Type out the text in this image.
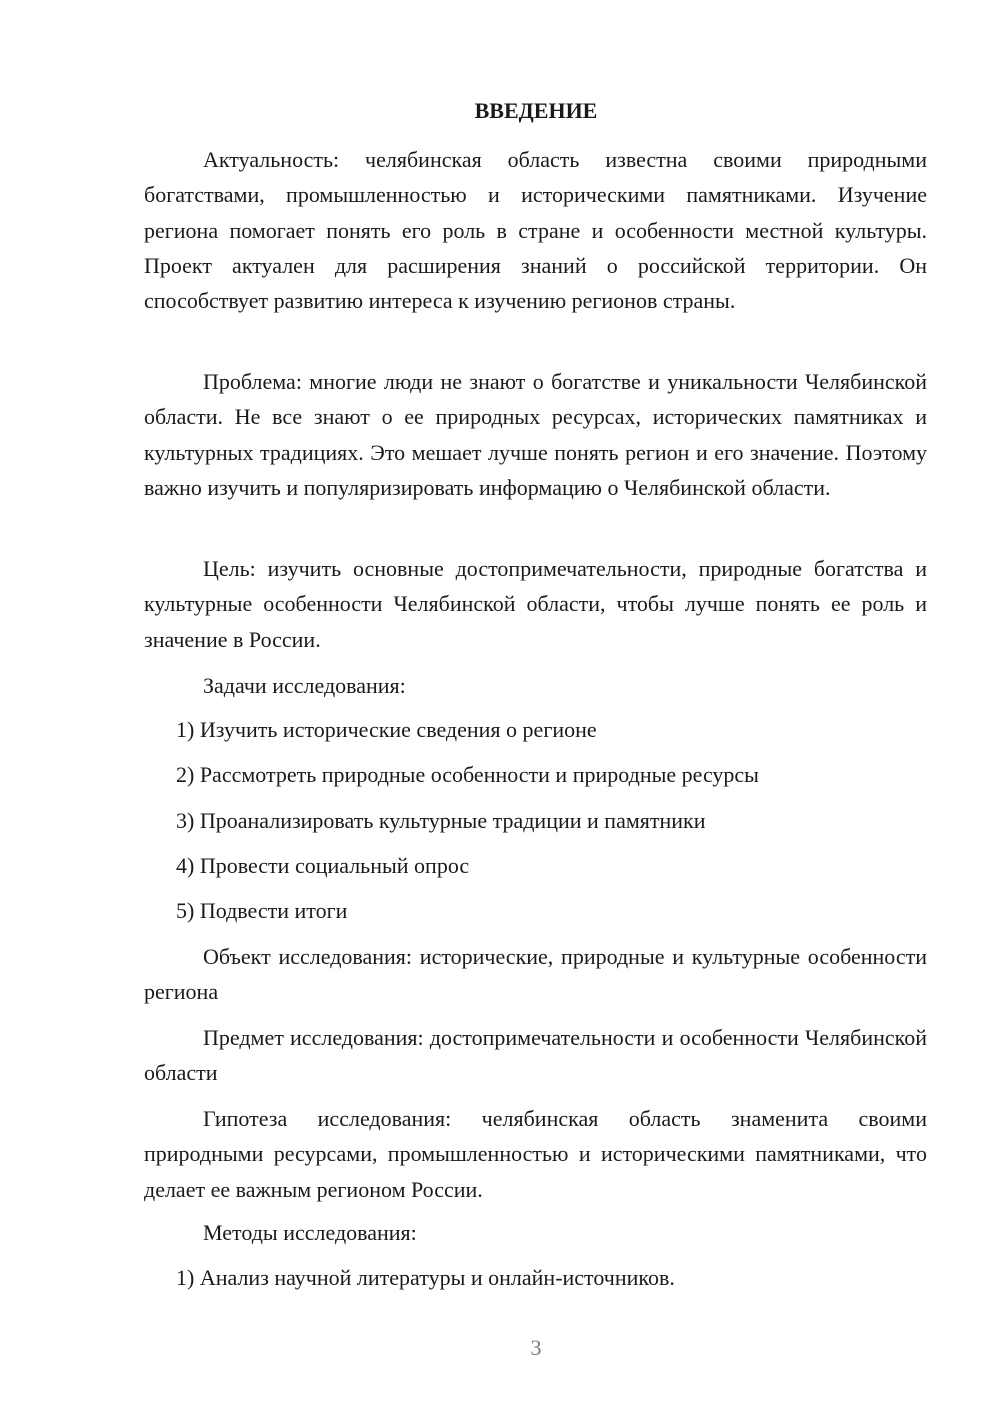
ВВЕДЕНИЕ

Актуальность: челябинская область известна своими природными богатствами, промышленностью и историческими памятниками. Изучение региона помогает понять его роль в стране и особенности местной культуры. Проект актуален для расширения знаний о российской территории. Он способствует развитию интереса к изучению регионов страны.

Проблема: многие люди не знают о богатстве и уникальности Челябинской области. Не все знают о ее природных ресурсах, исторических памятниках и культурных традициях. Это мешает лучше понять регион и его значение. Поэтому важно изучить и популяризировать информацию о Челябинской области.

Цель: изучить основные достопримечательности, природные богатства и культурные особенности Челябинской области, чтобы лучше понять ее роль и значение в России.

Задачи исследования:
1) Изучить исторические сведения о регионе
2) Рассмотреть природные особенности и природные ресурсы
3) Проанализировать культурные традиции и памятники
4) Провести социальный опрос
5) Подвести итоги

Объект исследования: исторические, природные и культурные особенности региона

Предмет исследования: достопримечательности и особенности Челябинской области

Гипотеза исследования: челябинская область знаменита своими природными ресурсами, промышленностью и историческими памятниками, что делает ее важным регионом России.

Методы исследования:
1) Анализ научной литературы и онлайн-источников.
3
